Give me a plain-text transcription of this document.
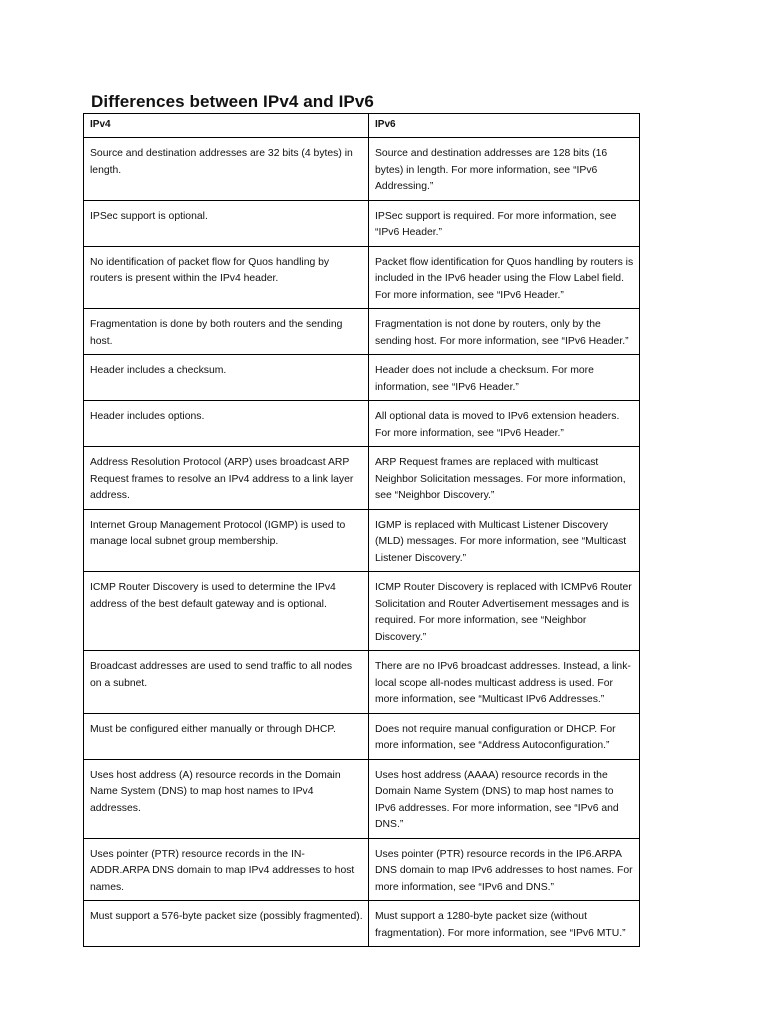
Differences between IPv4 and IPv6
IPv4	IPv6
Source and destination addresses are 32 bits (4 bytes) in length.	Source and destination addresses are 128 bits (16 bytes) in length. For more information, see “IPv6 Addressing.”
IPSec support is optional.	IPSec support is required. For more information, see “IPv6 Header.”
No identification of packet flow for Quos handling by routers is present within the IPv4 header.	Packet flow identification for Quos handling by routers is included in the IPv6 header using the Flow Label field. For more information, see “IPv6 Header.”
Fragmentation is done by both routers and the sending host.	Fragmentation is not done by routers, only by the sending host. For more information, see “IPv6 Header.”
Header includes a checksum.	Header does not include a checksum. For more information, see “IPv6 Header.”
Header includes options.	All optional data is moved to IPv6 extension headers. For more information, see “IPv6 Header.”
Address Resolution Protocol (ARP) uses broadcast ARP Request frames to resolve an IPv4 address to a link layer address.	ARP Request frames are replaced with multicast Neighbor Solicitation messages. For more information, see “Neighbor Discovery.”
Internet Group Management Protocol (IGMP) is used to manage local subnet group membership.	IGMP is replaced with Multicast Listener Discovery (MLD) messages. For more information, see “Multicast Listener Discovery.”
ICMP Router Discovery is used to determine the IPv4 address of the best default gateway and is optional.	ICMP Router Discovery is replaced with ICMPv6 Router Solicitation and Router Advertisement messages and is required. For more information, see “Neighbor Discovery.”
Broadcast addresses are used to send traffic to all nodes on a subnet.	There are no IPv6 broadcast addresses. Instead, a link-local scope all-nodes multicast address is used. For more information, see “Multicast IPv6 Addresses.”
Must be configured either manually or through DHCP.	Does not require manual configuration or DHCP. For more information, see “Address Autoconfiguration.”
Uses host address (A) resource records in the Domain Name System (DNS) to map host names to IPv4 addresses.	Uses host address (AAAA) resource records in the Domain Name System (DNS) to map host names to IPv6 addresses. For more information, see “IPv6 and DNS.”
Uses pointer (PTR) resource records in the IN-ADDR.ARPA DNS domain to map IPv4 addresses to host names.	Uses pointer (PTR) resource records in the IP6.ARPA DNS domain to map IPv6 addresses to host names. For more information, see “IPv6 and DNS.”
Must support a 576-byte packet size (possibly fragmented).	Must support a 1280-byte packet size (without fragmentation). For more information, see “IPv6 MTU.”
